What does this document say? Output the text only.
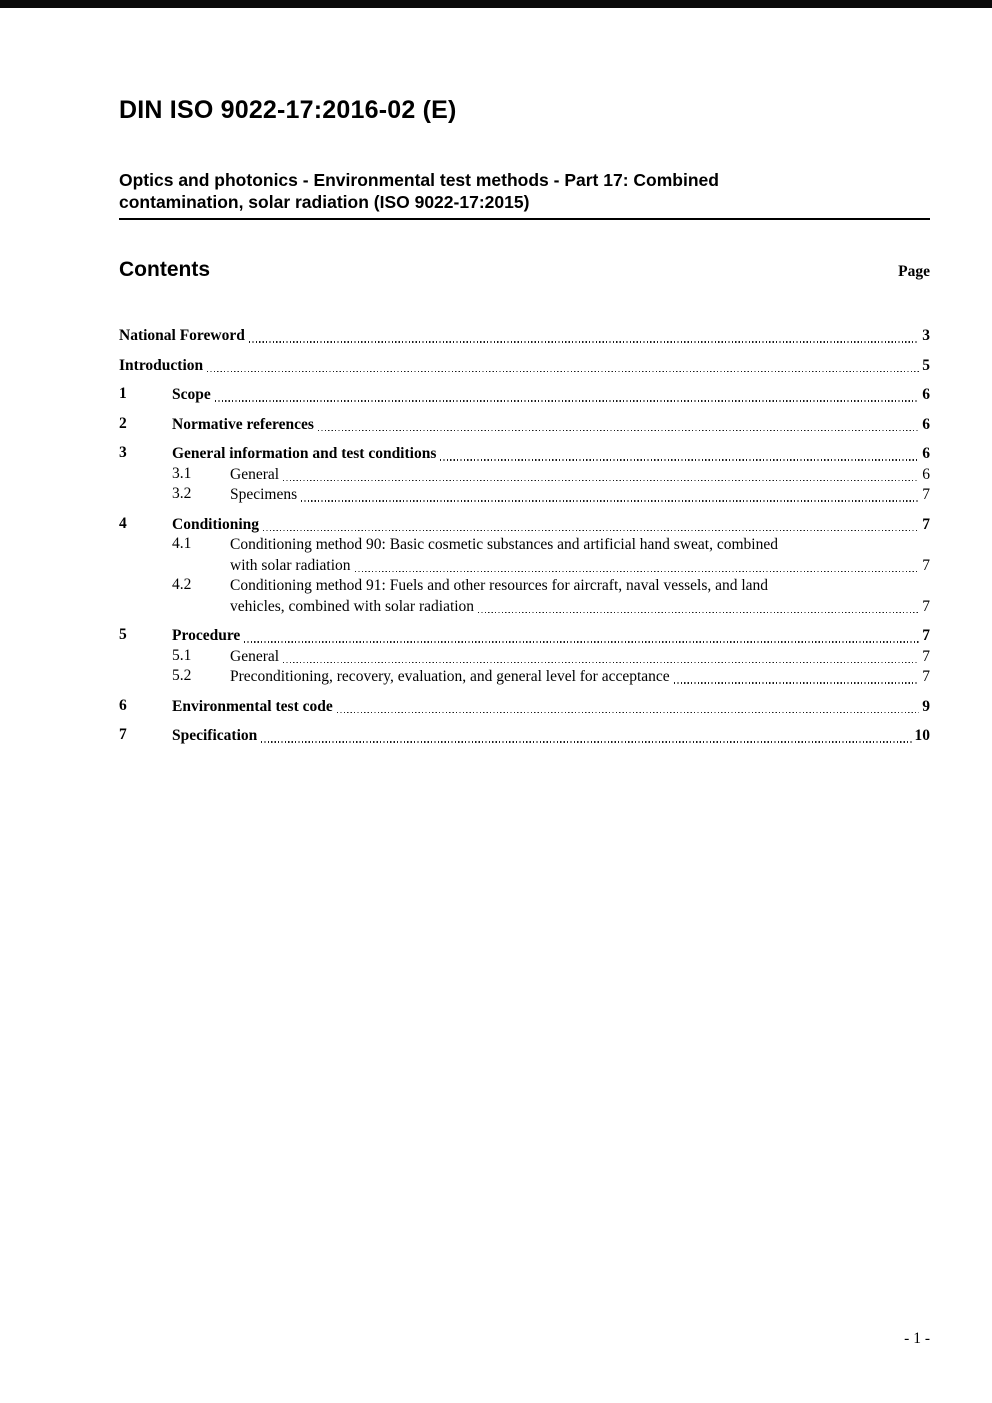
DIN ISO 9022-17:2016-02 (E)
Optics and photonics - Environmental test methods - Part 17: Combined
contamination, solar radiation (ISO 9022-17:2015)
Contents	Page
National Foreword	3
Introduction	5
1	Scope	6
2	Normative references	6
3	General information and test conditions	6
3.1	General	6
3.2	Specimens	7
4	Conditioning	7
4.1	Conditioning method 90: Basic cosmetic substances and artificial hand sweat, combined
with solar radiation	7
4.2	Conditioning method 91: Fuels and other resources for aircraft, naval vessels, and land
vehicles, combined with solar radiation	7
5	Procedure	7
5.1	General	7
5.2	Preconditioning, recovery, evaluation, and general level for acceptance	7
6	Environmental test code	9
7	Specification	10
- 1 -
